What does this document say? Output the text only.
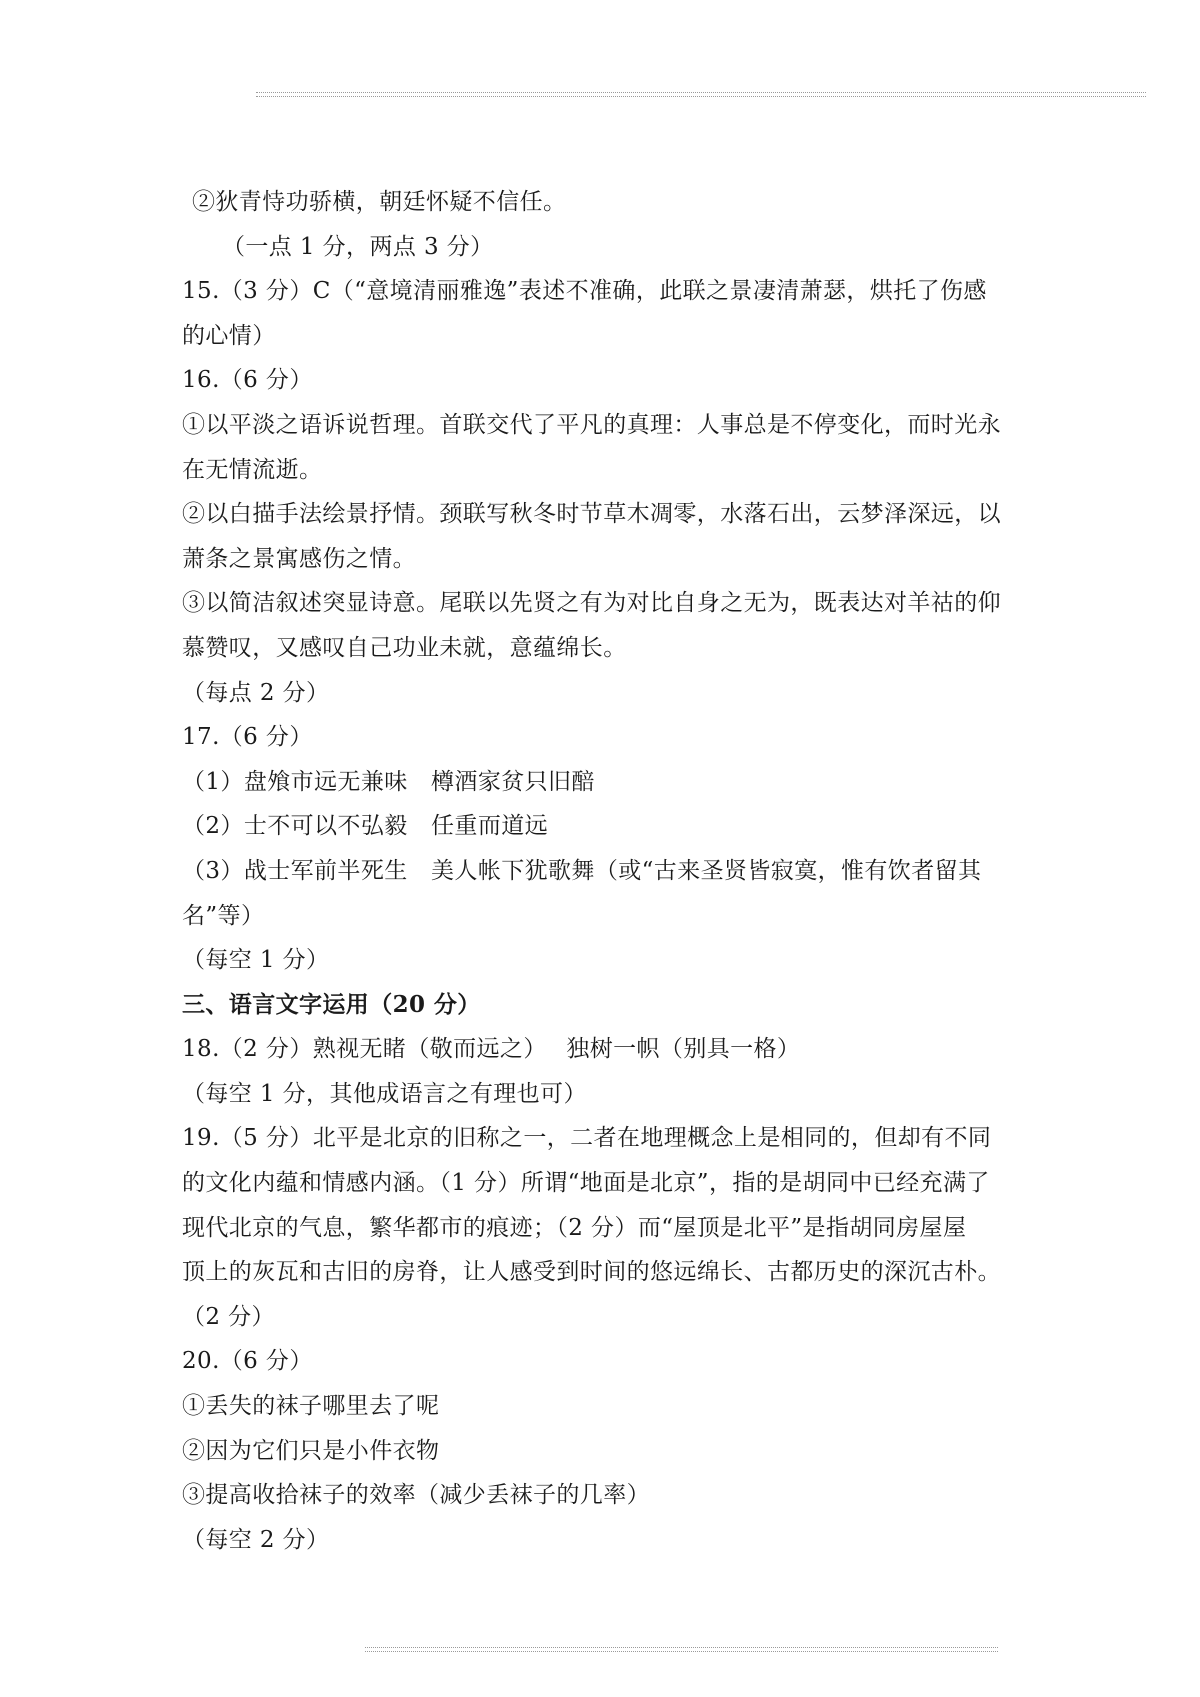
②狄青恃功骄横，朝廷怀疑不信任。
（一点 1 分，两点 3 分）
15.（3 分）C（“意境清丽雅逸”表述不准确，此联之景凄清萧瑟，烘托了伤感
的心情）
16.（6 分）
①以平淡之语诉说哲理。首联交代了平凡的真理：人事总是不停变化，而时光永
在无情流逝。
②以白描手法绘景抒情。颈联写秋冬时节草木凋零，水落石出，云梦泽深远，以
萧条之景寓感伤之情。
③以简洁叙述突显诗意。尾联以先贤之有为对比自身之无为，既表达对羊祜的仰
慕赞叹，又感叹自己功业未就，意蕴绵长。
（每点 2 分）
17.（6 分）
（1）盘飧市远无兼味　樽酒家贫只旧醅
（2）士不可以不弘毅　任重而道远
（3）战士军前半死生　美人帐下犹歌舞（或“古来圣贤皆寂寞，惟有饮者留其
名”等）
（每空 1 分）
三、语言文字运用（20 分）
18.（2 分）熟视无睹（敬而远之）　 独树一帜（别具一格）
（每空 1 分，其他成语言之有理也可）
19.（5 分）北平是北京的旧称之一，二者在地理概念上是相同的，但却有不同
的文化内蕴和情感内涵。（1 分）所谓“地面是北京”，指的是胡同中已经充满了
现代北京的气息，繁华都市的痕迹；（2 分）而“屋顶是北平”是指胡同房屋屋
顶上的灰瓦和古旧的房脊，让人感受到时间的悠远绵长、古都历史的深沉古朴。
（2 分）
20.（6 分）
①丢失的袜子哪里去了呢
②因为它们只是小件衣物
③提高收拾袜子的效率（减少丢袜子的几率）
（每空 2 分）
